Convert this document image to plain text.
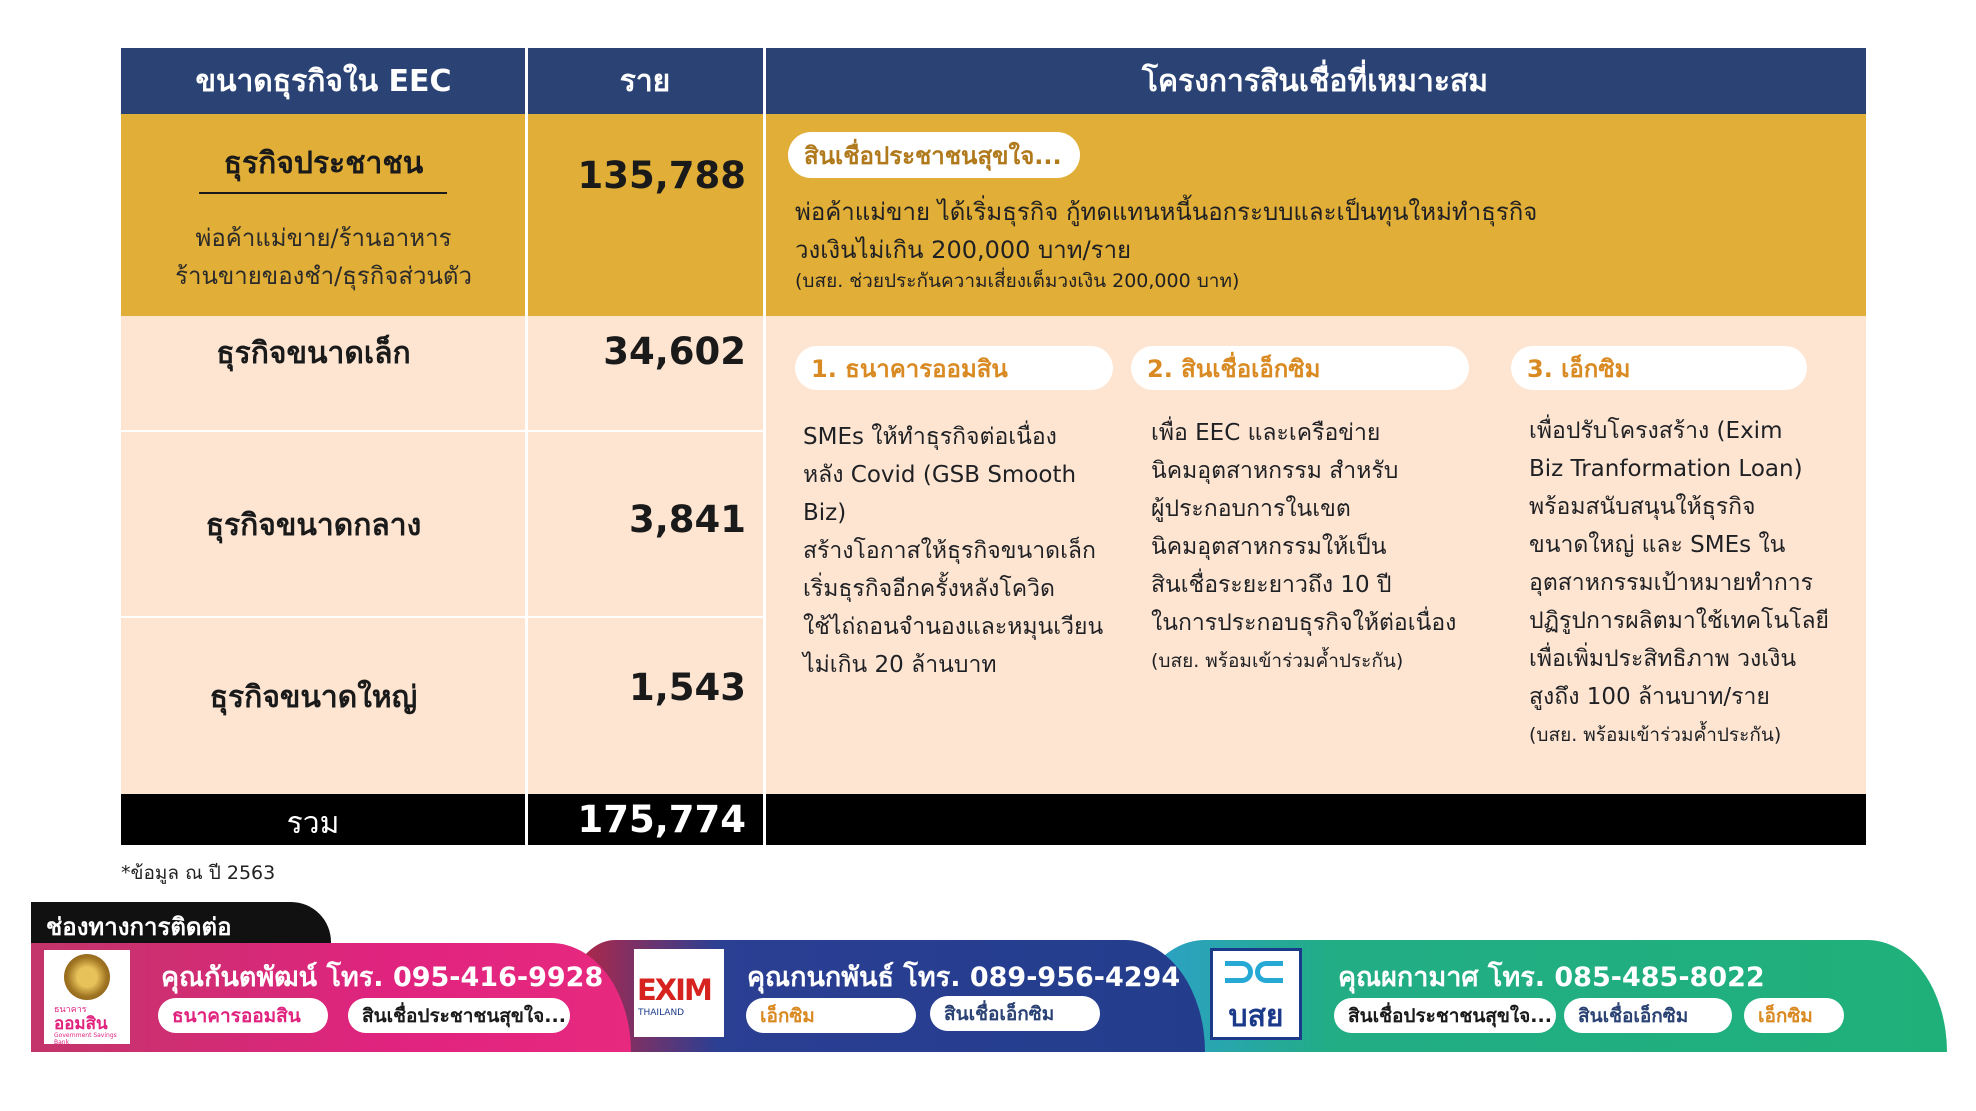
ขนาดธุรกิจใน EEC	ราย	โครงการสินเชื่อที่เหมาะสม
ธุรกิจประชาชน
พ่อค้าแม่ขาย/ร้านอาหาร
ร้านขายของชำ/ธุรกิจส่วนตัว
135,788	สินเชื่อประชาชนสุขใจ...
พ่อค้าแม่ขาย ได้เริ่มธุรกิจ กู้ทดแทนหนี้นอกระบบและเป็นทุนใหม่ทำธุรกิจ
วงเงินไม่เกิน 200,000 บาท/ราย
(บสย. ช่วยประกันความเสี่ยงเต็มวงเงิน 200,000 บาท)
ธุรกิจขนาดเล็ก	34,602
ธุรกิจขนาดกลาง	3,841
ธุรกิจขนาดใหญ่	1,543
1. ธนาคารออมสิน
SMEs ให้ทำธุรกิจต่อเนื่อง
หลัง Covid (GSB Smooth Biz)
สร้างโอกาสให้ธุรกิจขนาดเล็ก
เริ่มธุรกิจอีกครั้งหลังโควิด
ใช้ไถ่ถอนจำนองและหมุนเวียน
ไม่เกิน 20 ล้านบาท
2. สินเชื่อเอ็กซิม
เพื่อ EEC และเครือข่าย
นิคมอุตสาหกรรม สำหรับ
ผู้ประกอบการในเขต
นิคมอุตสาหกรรมให้เป็น
สินเชื่อระยะยาวถึง 10 ปี
ในการประกอบธุรกิจให้ต่อเนื่อง
(บสย. พร้อมเข้าร่วมค้ำประกัน)
3. เอ็กซิม
เพื่อปรับโครงสร้าง (Exim
Biz Tranformation Loan)
พร้อมสนับสนุนให้ธุรกิจ
ขนาดใหญ่ และ SMEs ใน
อุตสาหกรรมเป้าหมายทำการ
ปฏิรูปการผลิตมาใช้เทคโนโลยี
เพื่อเพิ่มประสิทธิภาพ วงเงิน
สูงถึง 100 ล้านบาท/ราย
(บสย. พร้อมเข้าร่วมค้ำประกัน)
รวม	175,774
*ข้อมูล ณ ปี 2563
ช่องทางการติดต่อ
ธนาคาร
ออมสิน
Government Savings Bank
คุณกันตพัฒน์ โทร. 095-416-9928
ธนาคารออมสิน	สินเชื่อประชาชนสุขใจ...
EXIM
THAILAND
คุณกนกพันธ์ โทร. 089-956-4294
เอ็กซิม	สินเชื่อเอ็กซิม	บสย
คุณผกามาศ โทร. 085-485-8022
สินเชื่อประชาชนสุขใจ...	สินเชื่อเอ็กซิม	เอ็กซิม
